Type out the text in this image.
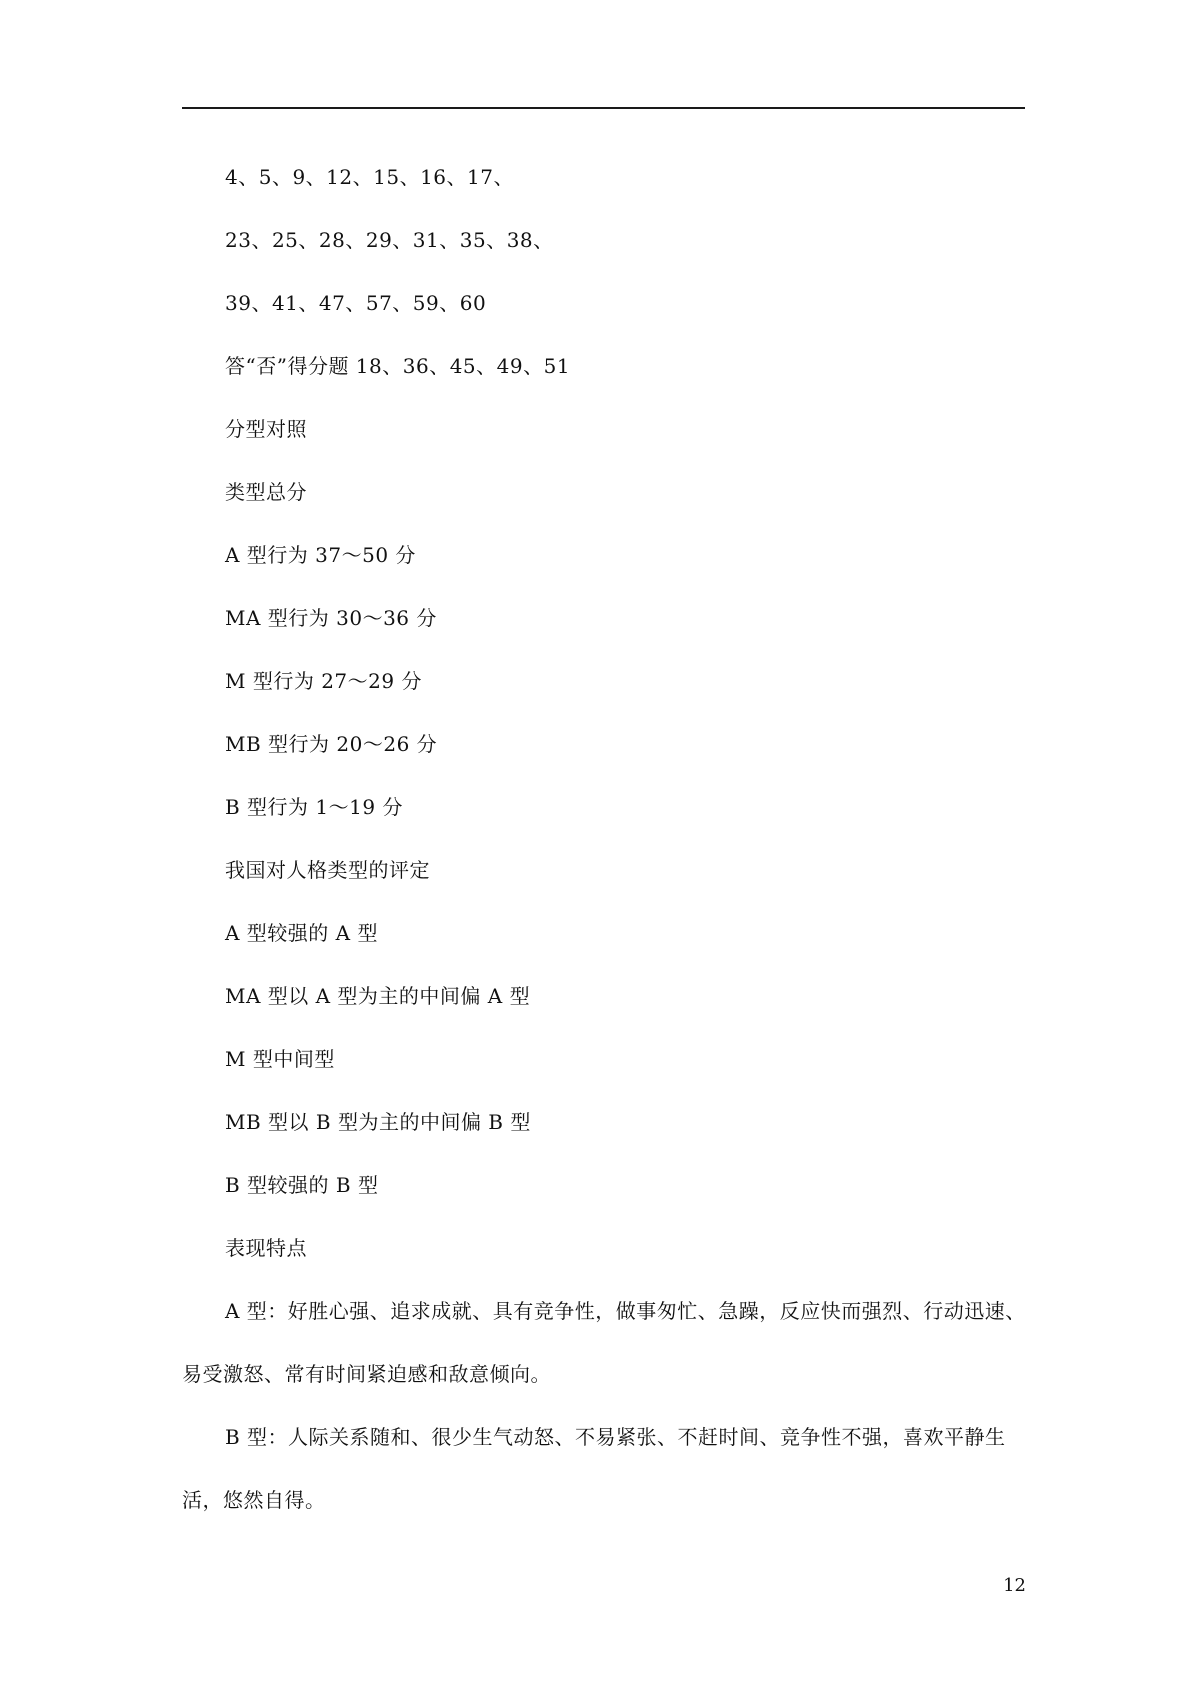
4、5、9、12、15、16、17、
23、25、28、29、31、35、38、
39、41、47、57、59、60
答“否”得分题 18、36、45、49、51
分型对照
类型总分
A 型行为 37～50 分
MA 型行为 30～36 分
M 型行为 27～29 分
MB 型行为 20～26 分
B 型行为 1～19 分
我国对人格类型的评定
A 型较强的 A 型
MA 型以 A 型为主的中间偏 A 型
M 型中间型
MB 型以 B 型为主的中间偏 B 型
B 型较强的 B 型
表现特点
A 型：好胜心强、追求成就、具有竞争性，做事匆忙、急躁，反应快而强烈、行动迅速、
易受激怒、常有时间紧迫感和敌意倾向。
B 型：人际关系随和、很少生气动怒、不易紧张、不赶时间、竞争性不强，喜欢平静生
活，悠然自得。
12
